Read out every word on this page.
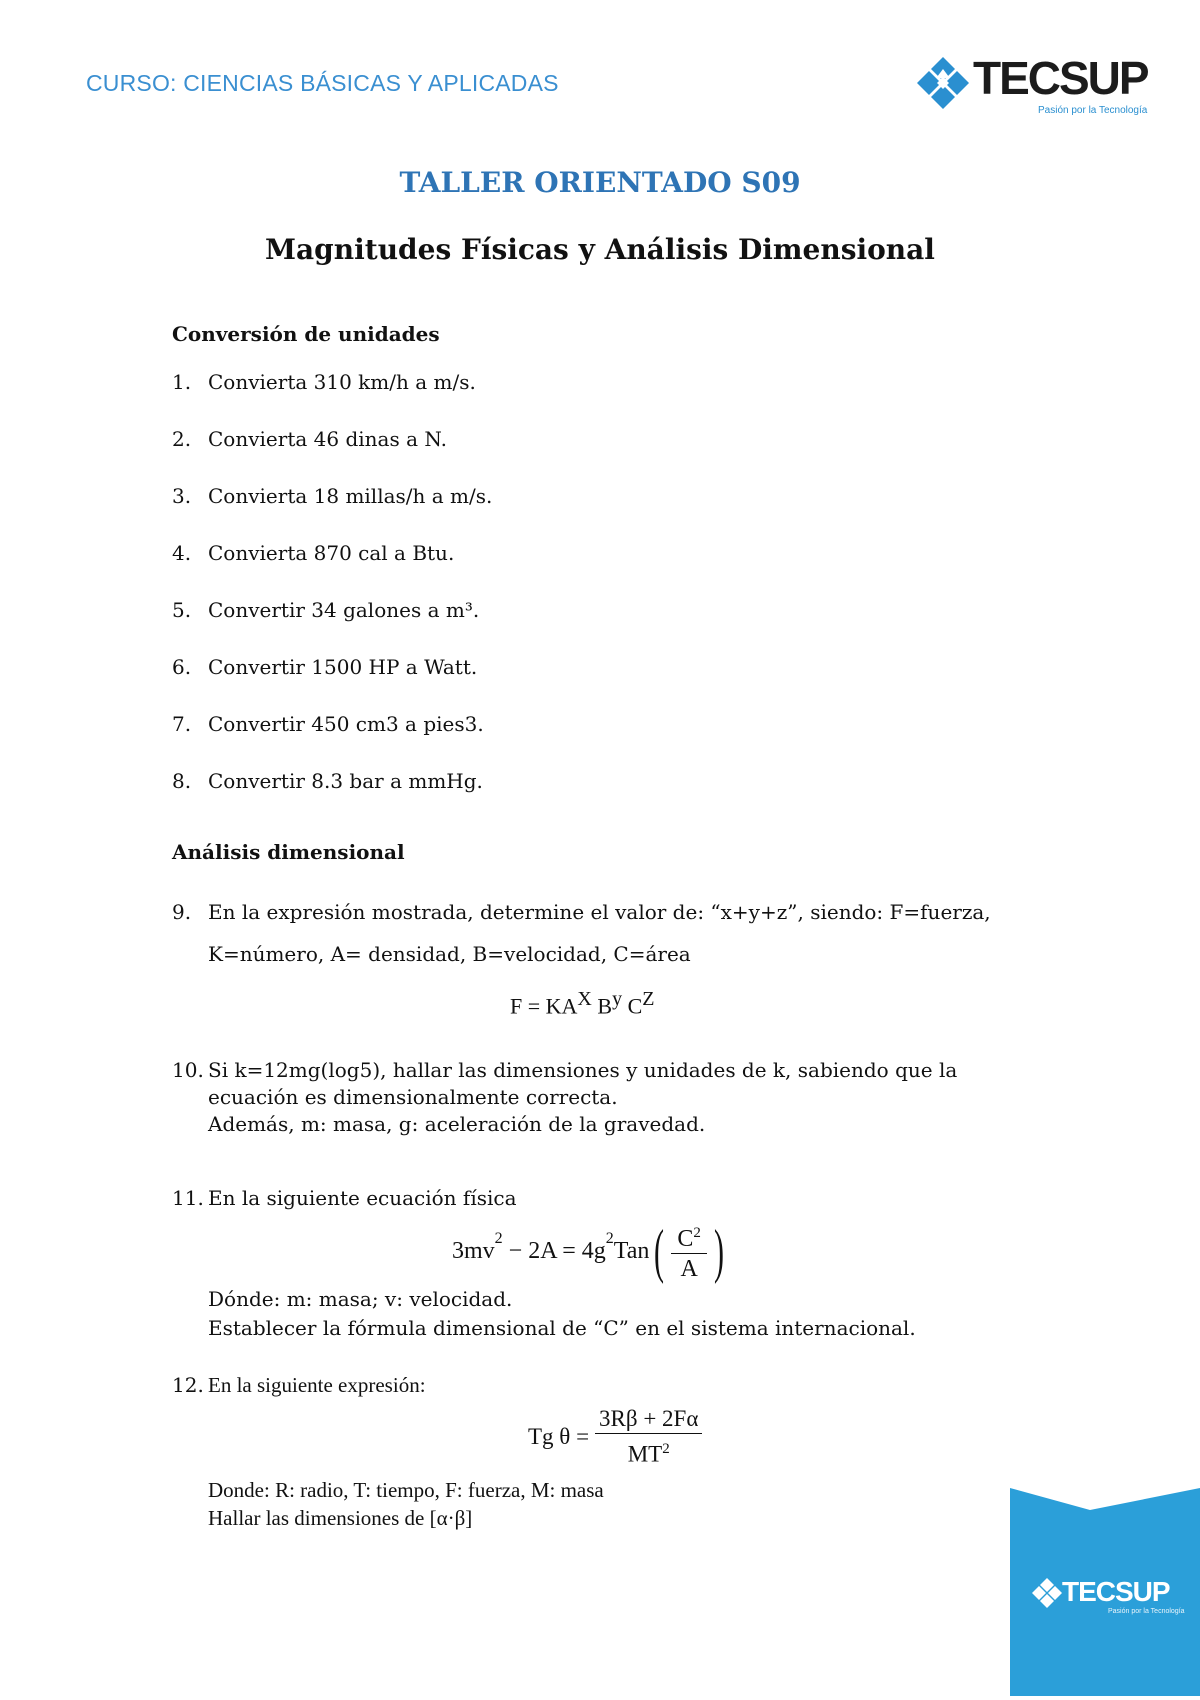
CURSO: CIENCIAS BÁSICAS Y APLICADAS	TECSUP
Pasión por la Tecnología
TALLER ORIENTADO S09
Magnitudes Físicas y Análisis Dimensional
Conversión de unidades
1. Convierta 310 km/h a m/s.
2. Convierta 46 dinas a N.
3. Convierta 18 millas/h a m/s.
4. Convierta 870 cal a Btu.
5. Convertir 34 galones a m³.
6. Convertir 1500 HP a Watt.
7. Convertir 450 cm3 a pies3.
8. Convertir 8.3 bar a mmHg.
Análisis dimensional
9. En la expresión mostrada, determine el valor de: “x+y+z”, siendo: F=fuerza,
K=número, A= densidad, B=velocidad, C=área
$F = KA^X$ $B^y$ $C^Z$
10. Si k=12mg(log5), hallar las dimensiones y unidades de k, sabiendo que la
ecuación es dimensionalmente correcta.
Además, m: masa, g: aceleración de la gravedad.
11. En la siguiente ecuación física
Dónde: m: masa; v: velocidad.
Establecer la fórmula dimensional de “C” en el sistema internacional.
$3mv^2 - 2A = 4g^2$ Tan ( $\frac{C^2}{A}$ )
12. En la siguiente expresión:
Donde: R: radio, T: tiempo, F: fuerza, M: masa
Hallar las dimensiones de [α·β]
Tg $\theta = \frac{3R\beta + 2F\alpha}{MT^2}$
TECSUP
Pasión por la Tecnología
